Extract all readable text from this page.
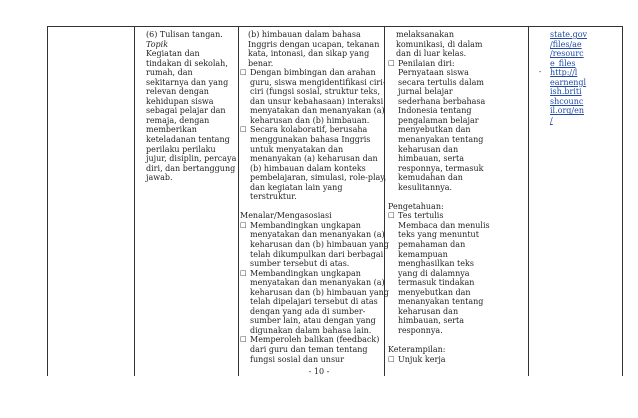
(6) Tulisan tangan.
Topik
Kegiatan dan
tindakan di sekolah,
rumah, dan
sekitarnya dan yang
relevan dengan
kehidupan siswa
sebagai pelajar dan
remaja, dengan
memberikan
keteladanan tentang
perilaku perilaku
jujur, disiplin, percaya
diri, dan bertanggung
jawab.
(b) himbauan dalam bahasa
Inggris dengan ucapan, tekanan
kata, intonasi, dan sikap yang
benar.
□ Dengan bimbingan dan arahan
guru, siswa mengidentifikasi ciri-
ciri (fungsi sosial, struktur teks,
dan unsur kebahasaan) interaksi
menyatakan dan menanyakan (a)
keharusan dan (b) himbauan.
□ Secara kolaboratif, berusaha
menggunakan bahasa Inggris
untuk menyatakan dan
menanyakan (a) keharusan dan
(b) himbauan dalam konteks
pembelajaran, simulasi, role-play,
dan kegiatan lain yang
terstruktur.
Menalar/Mengasosiasi
□ Membandingkan ungkapan
menyatakan dan menanyakan (a)
keharusan dan (b) himbauan yang
telah dikumpulkan dari berbagai
sumber tersebut di atas.
□ Membandingkan ungkapan
menyatakan dan menanyakan (a)
keharusan dan (b) himbauan yang
telah dipelajari tersebut di atas
dengan yang ada di sumber-
sumber lain, atau dengan yang
digunakan dalam bahasa lain.
□ Memperoleh balikan (feedback)
dari guru dan teman tentang
fungsi sosial dan unsur
melaksanakan
komunikasi, di dalam
dan di luar kelas.
□ Penilaian diri:
Pernyataan siswa
secara tertulis dalam
jurnal belajar
sederhana berbahasa
Indonesia tentang
pengalaman belajar
menyebutkan dan
menanyakan tentang
keharusan dan
himbauan, serta
responnya, termasuk
kemudahan dan
kesulitannya.
Pengetahuan:
□ Tes tertulis
Membaca dan menulis
teks yang menuntut
pemahaman dan
kemampuan
menghasilkan teks
yang di dalamnya
termasuk tindakan
menyebutkan dan
menanyakan tentang
keharusan dan
himbauan, serta
responnya.
Keterampilan:
□ Unjuk kerja
state.gov
/files/ae
/resourc
e_files
- http://l
earnengl
ish.briti
shcounc
il.org/en
/
- 10 -
